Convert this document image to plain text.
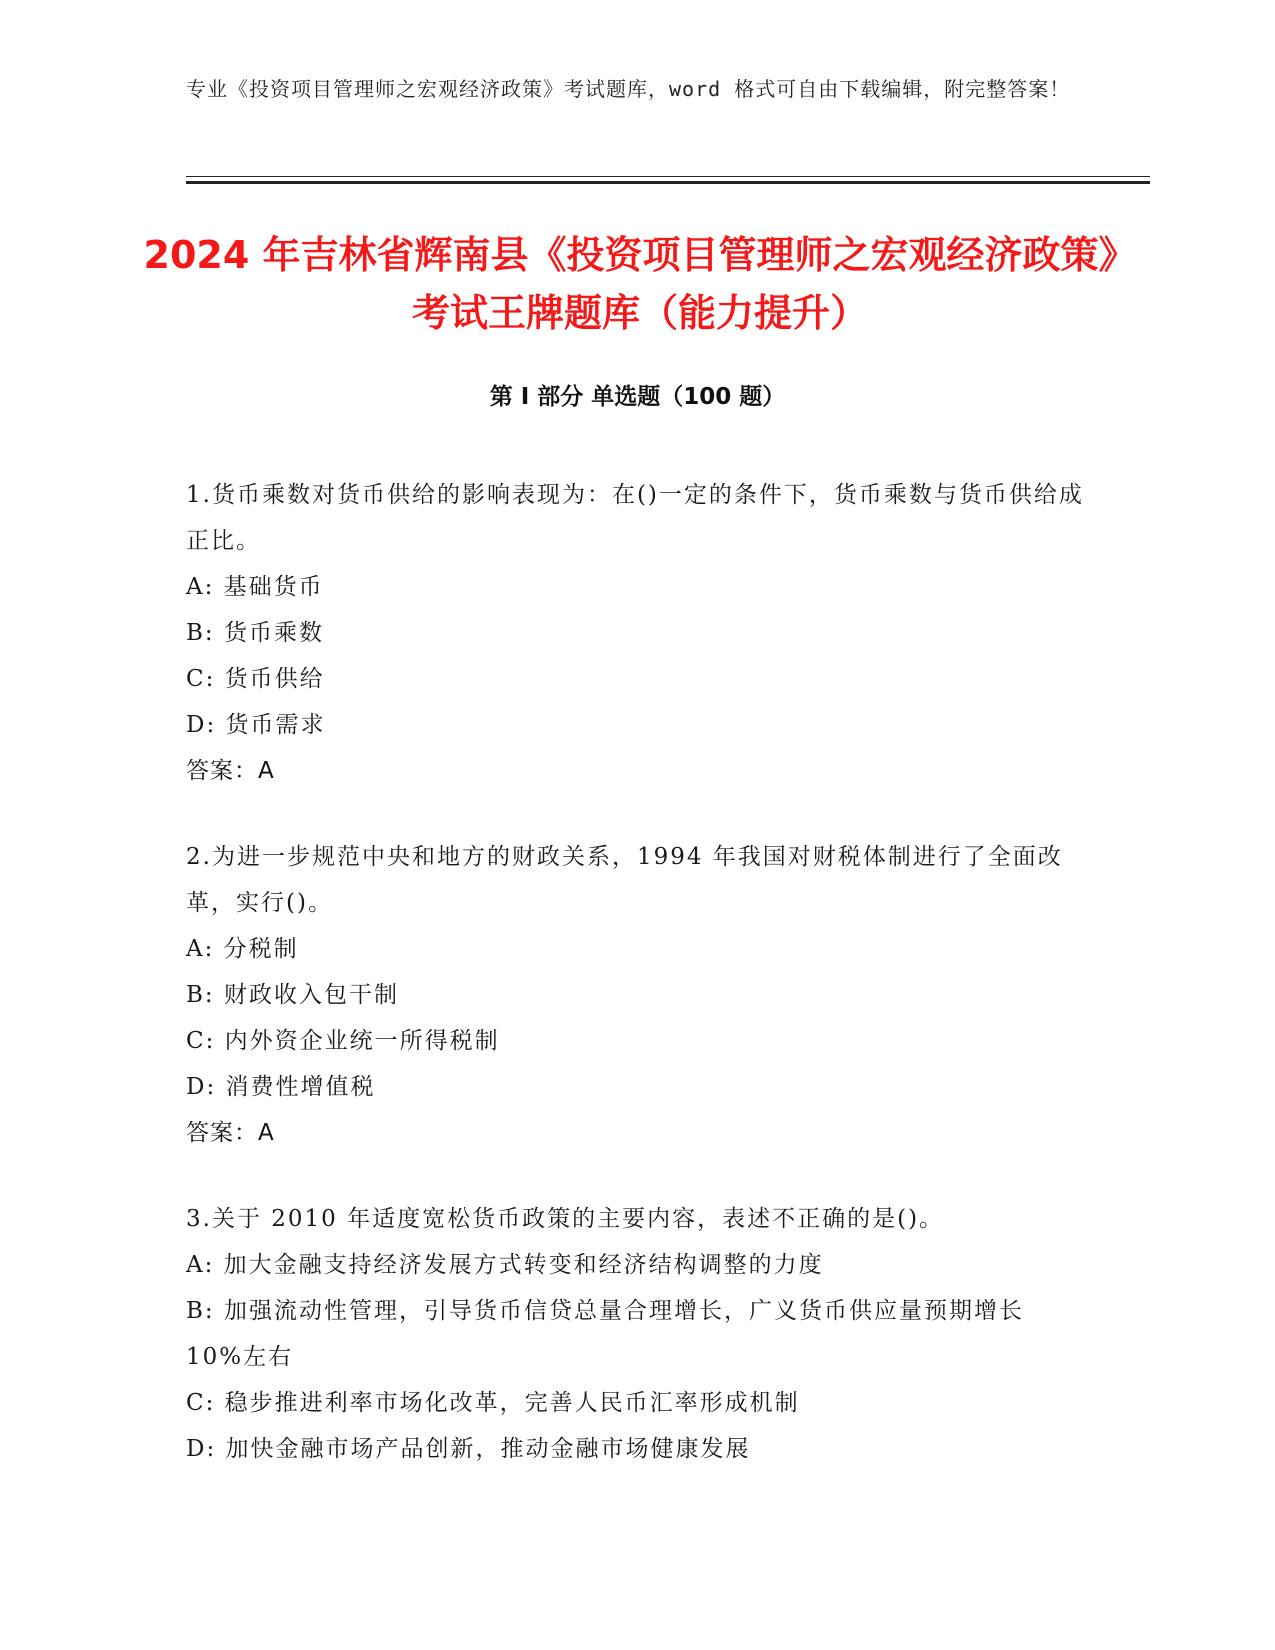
专业《投资项目管理师之宏观经济政策》考试题库，word 格式可自由下载编辑，附完整答案！
2024 年吉林省辉南县《投资项目管理师之宏观经济政策》考试王牌题库（能力提升）
第 I 部分 单选题（100 题）
1.货币乘数对货币供给的影响表现为：在()一定的条件下，货币乘数与货币供给成正比。
A: 基础货币
B: 货币乘数
C: 货币供给
D: 货币需求
答案：A
2.为进一步规范中央和地方的财政关系，1994 年我国对财税体制进行了全面改革，实行()。
A: 分税制
B: 财政收入包干制
C: 内外资企业统一所得税制
D: 消费性增值税
答案：A
3.关于 2010 年适度宽松货币政策的主要内容，表述不正确的是()。
A: 加大金融支持经济发展方式转变和经济结构调整的力度
B: 加强流动性管理，引导货币信贷总量合理增长，广义货币供应量预期增长 10%左右
C: 稳步推进利率市场化改革，完善人民币汇率形成机制
D: 加快金融市场产品创新，推动金融市场健康发展
